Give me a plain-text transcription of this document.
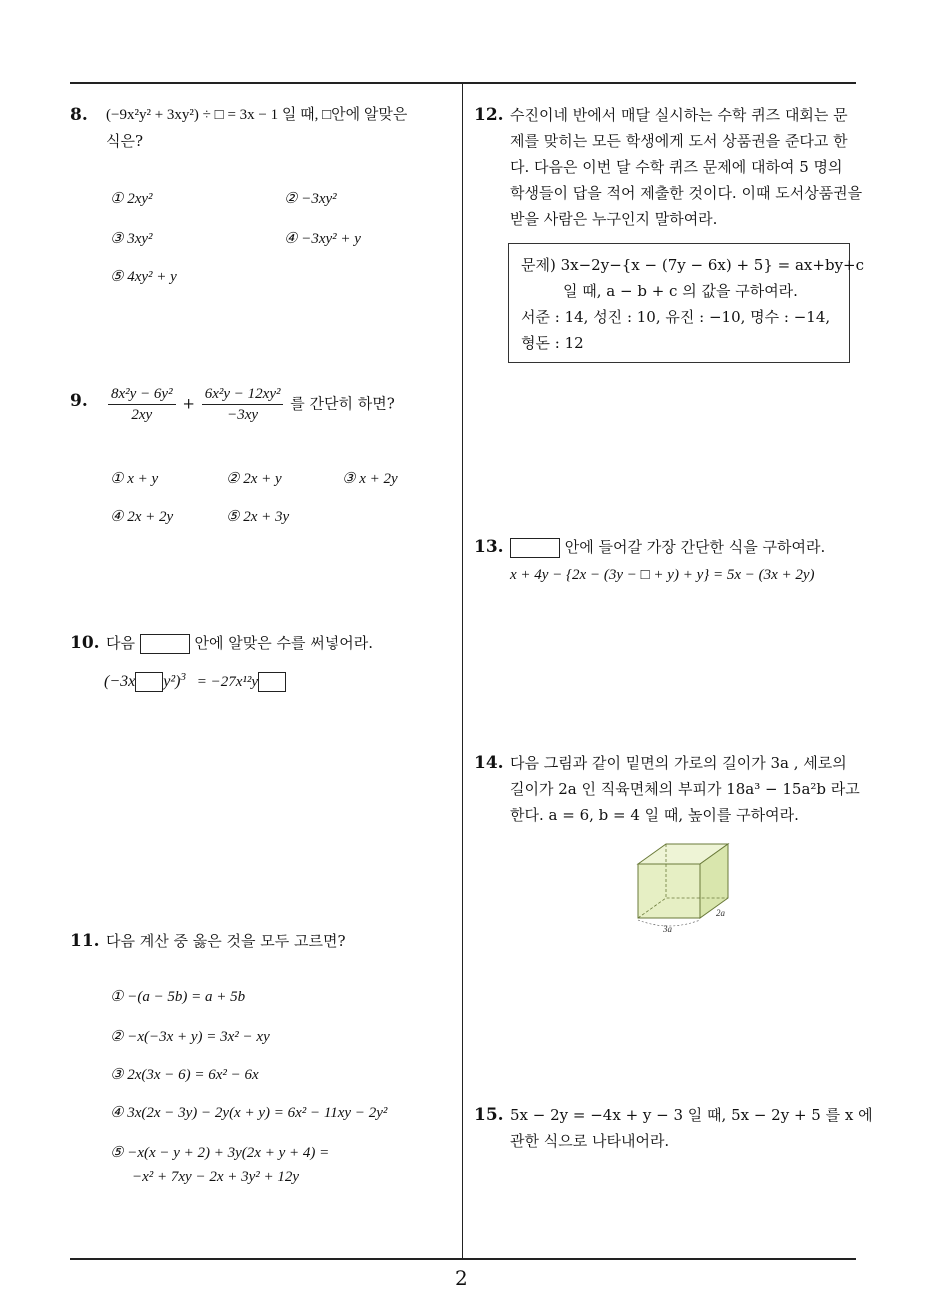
2
8. (−9x²y² + 3xy²) ÷ □ = 3x − 1 일 때, □안에 알맞은

식은?

① 2xy²	② −3xy²
③ 3xy²	④ −3xy² + y
⑤ 4xy² + y
9. $\frac{\text{8x²y − 6y²}}{2xy} + \frac{\text{6x²y − 12xy²}}{-3xy}$ 를 간단히 하면?
① x + y	② 2x + y	③ x + 2y
④ 2x + 2y	⑤ 2x + 3y
10. 다음	안에 알맞은 수를 써넣어라.
(−3x y²)$^3$ = −27x¹²y
11. 다음 계산 중 옳은 것을 모두 고르면?

① −(a − 5b) = a + 5b
② −x(−3x + y) = 3x² − xy
③ 2x(3x − 6) = 6x² − 6x
④ 3x(2x − 3y) − 2y(x + y) = 6x² − 11xy − 2y²
⑤ −x(x − y + 2) + 3y(2x + y + 4) =
−x² + 7xy − 2x + 3y² + 12y
12. 수진이네 반에서 매달 실시하는 수학 퀴즈 대회는 문

제를 맞히는 모든 학생에게 도서 상품권을 준다고 한

다. 다음은 이번 달 수학 퀴즈 문제에 대하여 5 명의

학생들이 답을 적어 제출한 것이다. 이때 도서상품권을

받을 사람은 누구인지 말하여라.

문제) 3x−2y−{x − (7y − 6x) + 5} = ax+by+c

일 때, a − b + c 의 값을 구하여라.

서준 : 14, 성진 : 10, 유진 : −10, 명수 : −14,

형돈 : 12

13.	안에 들어갈 가장 간단한 식을 구하여라.

x + 4y − {2x − (3y − □ + y) + y} = 5x − (3x + 2y)

14. 다음 그림과 같이 밑면의 가로의 길이가 3a , 세로의

길이가 2a 인 직육면체의 부피가 18a³ − 15a²b 라고

한다. a = 6, b = 4 일 때, 높이를 구하여라.

3a
2a
15. 5x − 2y = −4x + y − 3 일 때, 5x − 2y + 5 를 x 에

관한 식으로 나타내어라.
